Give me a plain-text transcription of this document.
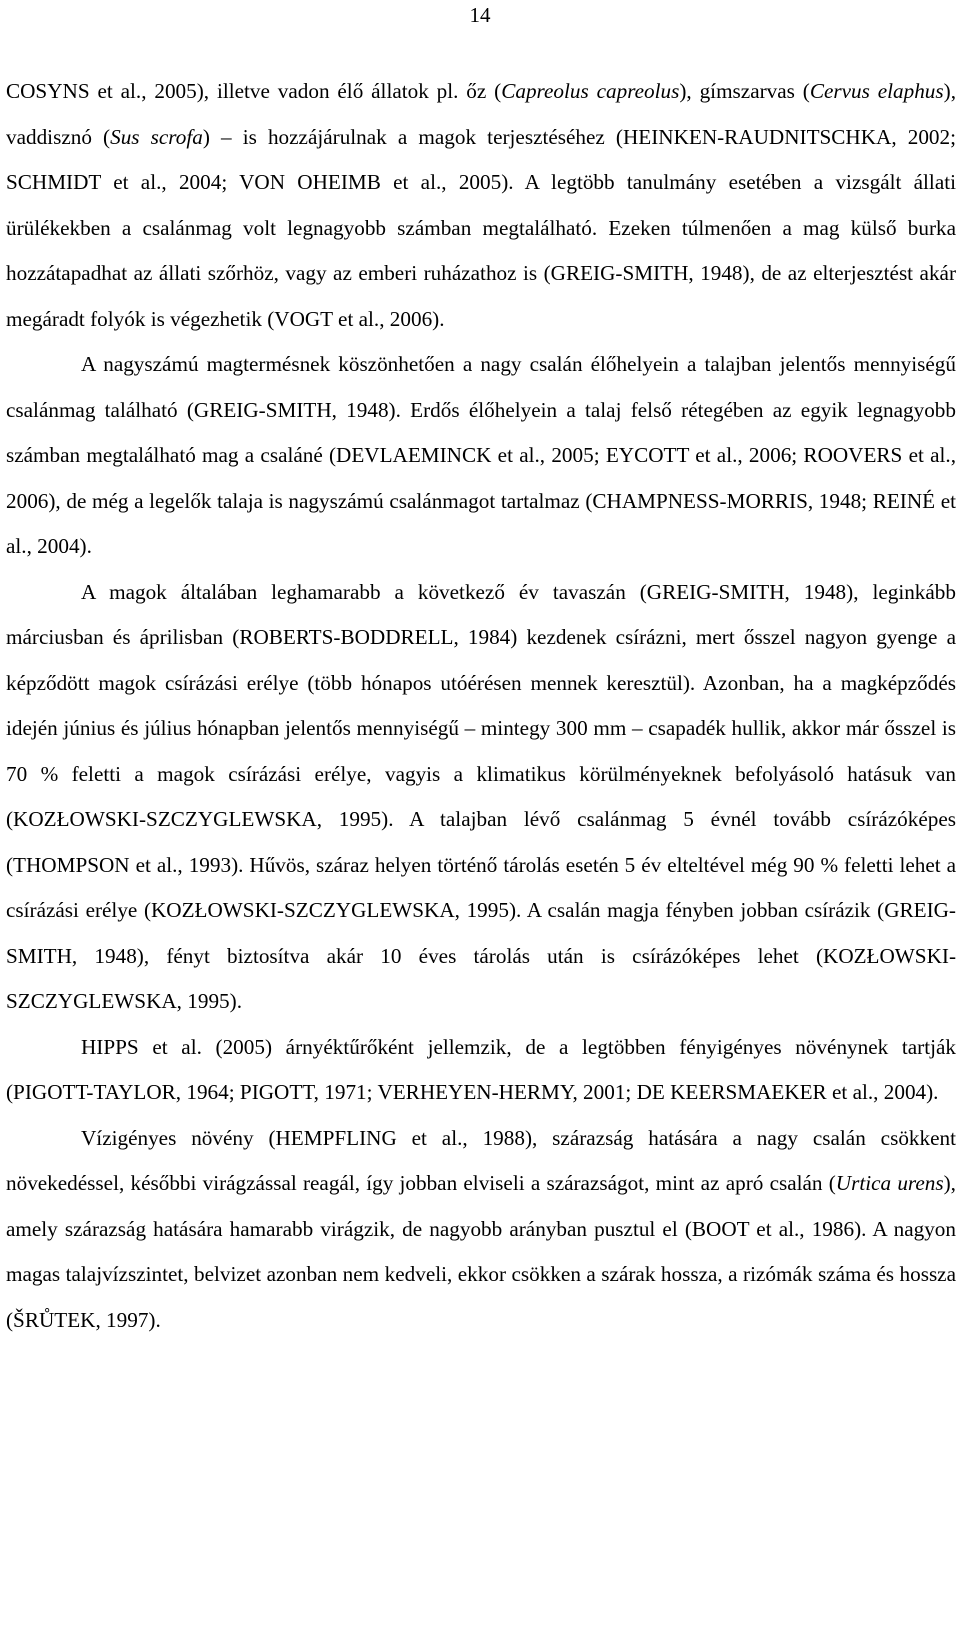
14

COSYNS et al., 2005), illetve vadon élő állatok pl. őz (Capreolus capreolus), gímszarvas (Cervus elaphus), vaddisznó (Sus scrofa) – is hozzájárulnak a magok terjesztéséhez (HEINKEN-RAUDNITSCHKA, 2002; SCHMIDT et al., 2004; VON OHEIMB et al., 2005). A legtöbb tanulmány esetében a vizsgált állati ürülékekben a csalánmag volt legnagyobb számban megtalálható. Ezeken túlmenően a mag külső burka hozzátapadhat az állati szőrhöz, vagy az emberi ruházathoz is (GREIG-SMITH, 1948), de az elterjesztést akár megáradt folyók is végezhetik (VOGT et al., 2006).

A nagyszámú magtermésnek köszönhetően a nagy csalán élőhelyein a talajban jelentős mennyiségű csalánmag található (GREIG-SMITH, 1948). Erdős élőhelyein a talaj felső rétegében az egyik legnagyobb számban megtalálható mag a csaláné (DEVLAEMINCK et al., 2005; EYCOTT et al., 2006; ROOVERS et al., 2006), de még a legelők talaja is nagyszámú csalánmagot tartalmaz (CHAMPNESS-MORRIS, 1948; REINÉ et al., 2004).

A magok általában leghamarabb a következő év tavaszán (GREIG-SMITH, 1948), leginkább márciusban és áprilisban (ROBERTS-BODDRELL, 1984) kezdenek csírázni, mert ősszel nagyon gyenge a képződött magok csírázási erélye (több hónapos utóérésen mennek keresztül). Azonban, ha a magképződés idején június és július hónapban jelentős mennyiségű – mintegy 300 mm – csapadék hullik, akkor már ősszel is 70 % feletti a magok csírázási erélye, vagyis a klimatikus körülményeknek befolyásoló hatásuk van (KOZŁOWSKI-SZCZYGLEWSKA, 1995). A talajban lévő csalánmag 5 évnél tovább csírázóképes (THOMPSON et al., 1993). Hűvös, száraz helyen történő tárolás esetén 5 év elteltével még 90 % feletti lehet a csírázási erélye (KOZŁOWSKI-SZCZYGLEWSKA, 1995). A csalán magja fényben jobban csírázik (GREIG-SMITH, 1948), fényt biztosítva akár 10 éves tárolás után is csírázóképes lehet (KOZŁOWSKI-SZCZYGLEWSKA, 1995).

HIPPS et al. (2005) árnyéktűrőként jellemzik, de a legtöbben fényigényes növénynek tartják (PIGOTT-TAYLOR, 1964; PIGOTT, 1971; VERHEYEN-HERMY, 2001; DE KEERSMAEKER et al., 2004).

Vízigényes növény (HEMPFLING et al., 1988), szárazság hatására a nagy csalán csökkent növekedéssel, későbbi virágzással reagál, így jobban elviseli a szárazságot, mint az apró csalán (Urtica urens), amely szárazság hatására hamarabb virágzik, de nagyobb arányban pusztul el (BOOT et al., 1986). A nagyon magas talajvízszintet, belvizet azonban nem kedveli, ekkor csökken a szárak hossza, a rizómák száma és hossza (ŠRŮTEK, 1997).
